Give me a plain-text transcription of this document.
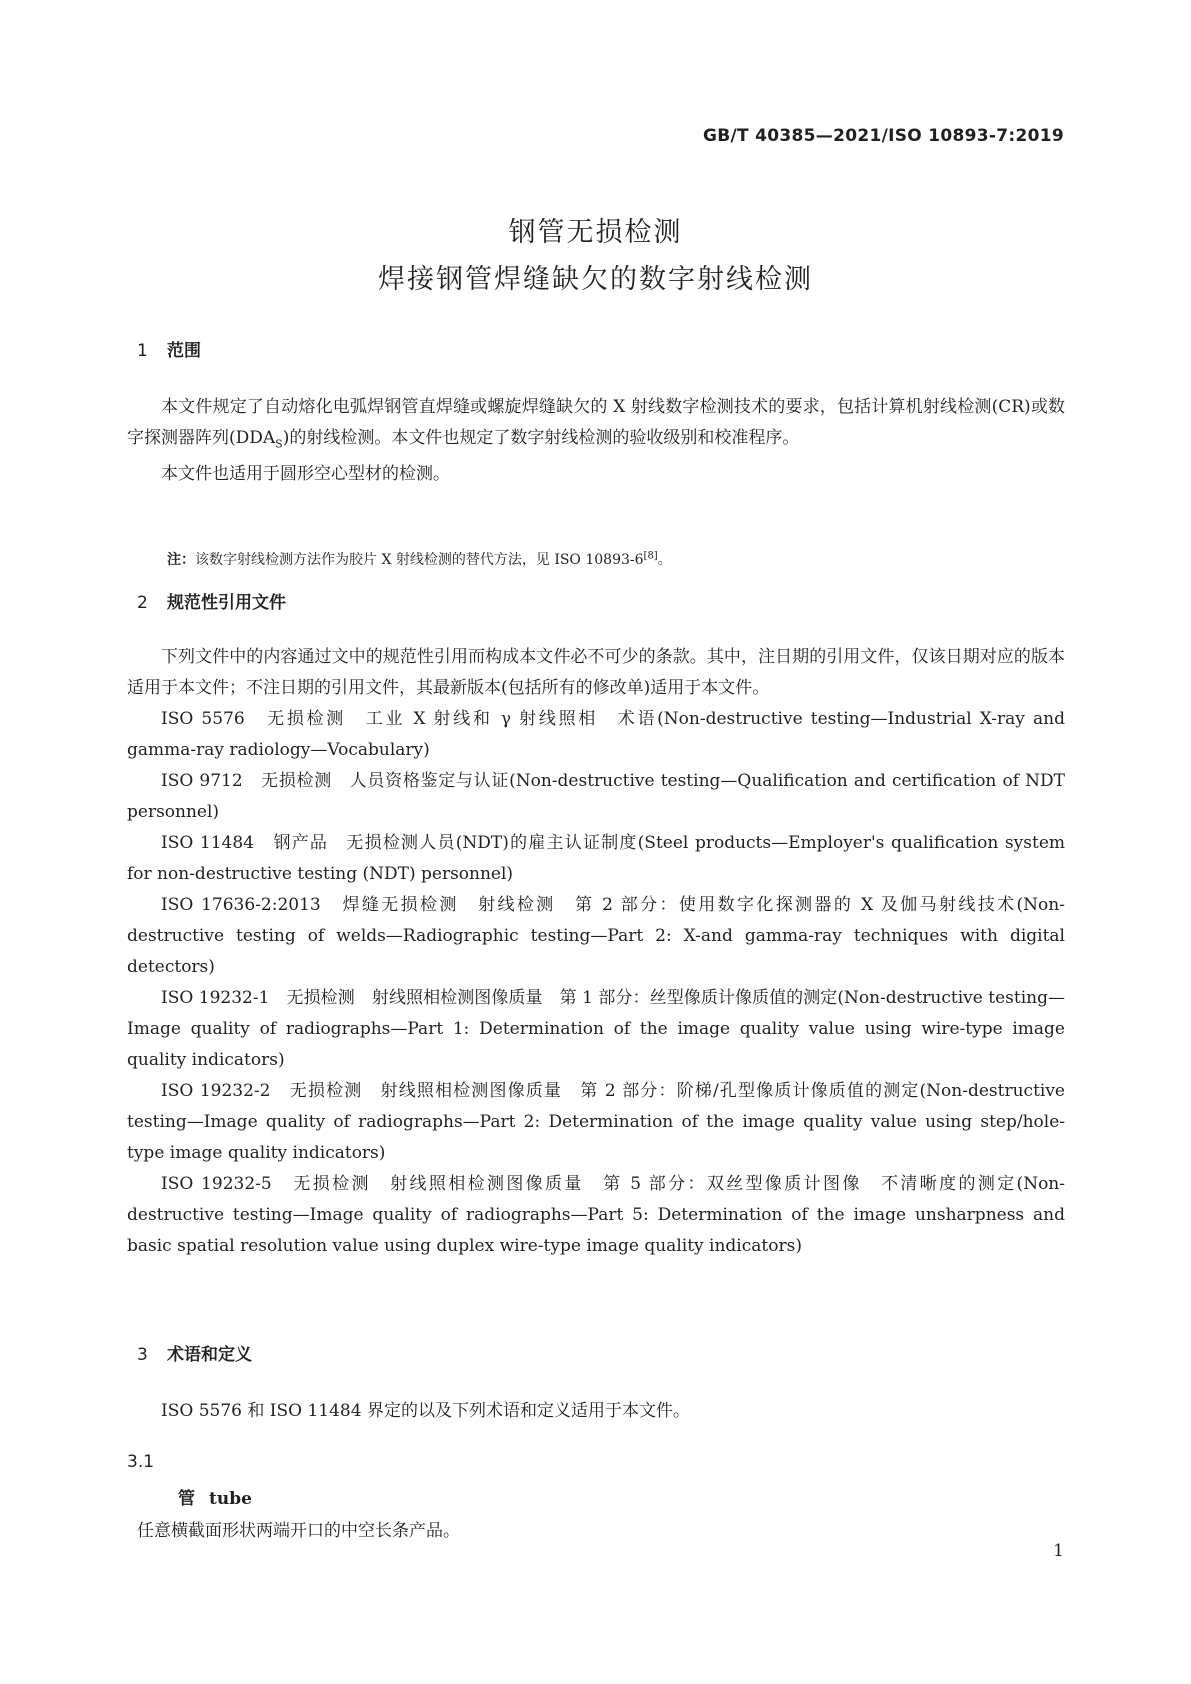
GB/T 40385—2021/ISO 10893-7:2019
钢管无损检测
焊接钢管焊缝缺欠的数字射线检测
1 范围

本文件规定了自动熔化电弧焊钢管直焊缝或螺旋焊缝缺欠的 X 射线数字检测技术的要求，包括计算机射线检测(CR)或数字探测器阵列$(DDA_S)$的射线检测。本文件也规定了数字射线检测的验收级别和校准程序。

本文件也适用于圆形空心型材的检测。

注：该数字射线检测方法作为胶片 X 射线检测的替代方法，见 ISO 10893-6[8]。
2 规范性引用文件

下列文件中的内容通过文中的规范性引用而构成本文件必不可少的条款。其中，注日期的引用文件，仅该日期对应的版本适用于本文件；不注日期的引用文件，其最新版本(包括所有的修改单)适用于本文件。

ISO 5576　无损检测　工业 X 射线和 γ 射线照相　术语(Non-destructive testing—Industrial X-ray and gamma-ray radiology—Vocabulary)

ISO 9712　无损检测　人员资格鉴定与认证(Non-destructive testing—Qualification and certification of NDT personnel)

ISO 11484　钢产品　无损检测人员(NDT)的雇主认证制度(Steel products—Employer's qualification system for non-destructive testing (NDT) personnel)

ISO 17636-2:2013　焊缝无损检测　射线检测　第 2 部分：使用数字化探测器的 X 及伽马射线技术(Non-destructive testing of welds—Radiographic testing—Part 2: X-and gamma-ray techniques with digital detectors)

ISO 19232-1　无损检测　射线照相检测图像质量　第 1 部分：丝型像质计像质值的测定(Non-destructive testing—Image quality of radiographs—Part 1: Determination of the image quality value using wire-type image quality indicators)

ISO 19232-2　无损检测　射线照相检测图像质量　第 2 部分：阶梯/孔型像质计像质值的测定(Non-destructive testing—Image quality of radiographs—Part 2: Determination of the image quality value using step/hole-type image quality indicators)

ISO 19232-5　无损检测　射线照相检测图像质量　第 5 部分：双丝型像质计图像　不清晰度的测定(Non-destructive testing—Image quality of radiographs—Part 5: Determination of the image unsharpness and basic spatial resolution value using duplex wire-type image quality indicators)

3 术语和定义

ISO 5576 和 ISO 11484 界定的以及下列术语和定义适用于本文件。

3.1
管 tube
任意横截面形状两端开口的中空长条产品。
1
